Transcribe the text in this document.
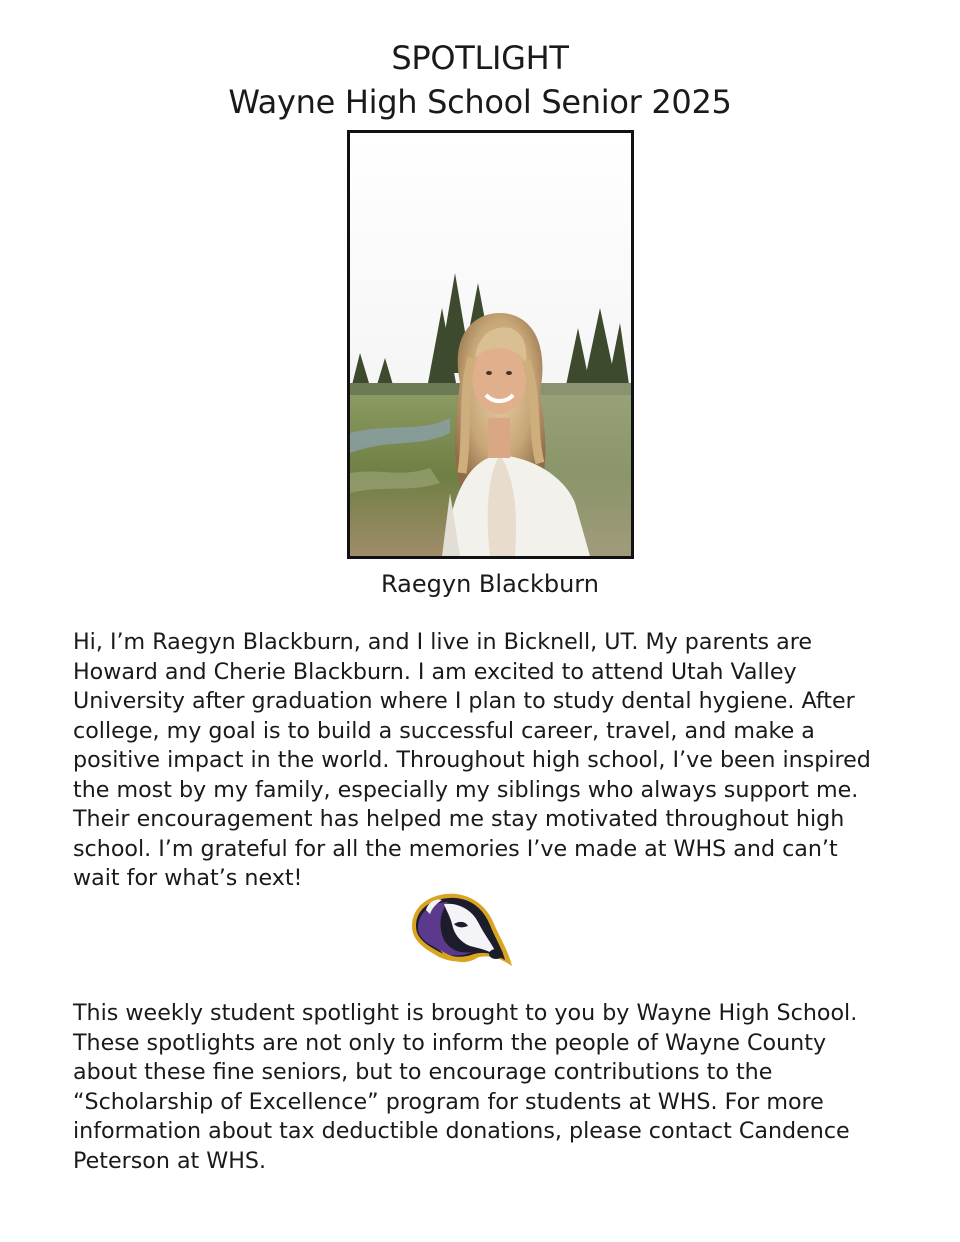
SPOTLIGHT
Wayne High School Senior 2025
Raegyn Blackburn
Hi, I’m Raegyn Blackburn, and I live in Bicknell, UT. My parents are
Howard and Cherie Blackburn. I am excited to attend Utah Valley
University after graduation where I plan to study dental hygiene. After
college, my goal is to build a successful career, travel, and make a
positive impact in the world. Throughout high school, I’ve been inspired
the most by my family, especially my siblings who always support me.
Their encouragement has helped me stay motivated throughout high
school. I’m grateful for all the memories I’ve made at WHS and can’t
wait for what’s next!
This weekly student spotlight is brought to you by Wayne High School.
These spotlights are not only to inform the people of Wayne County
about these fine seniors, but to encourage contributions to the
“Scholarship of Excellence” program for students at WHS. For more
information about tax deductible donations, please contact Candence
Peterson at WHS.
